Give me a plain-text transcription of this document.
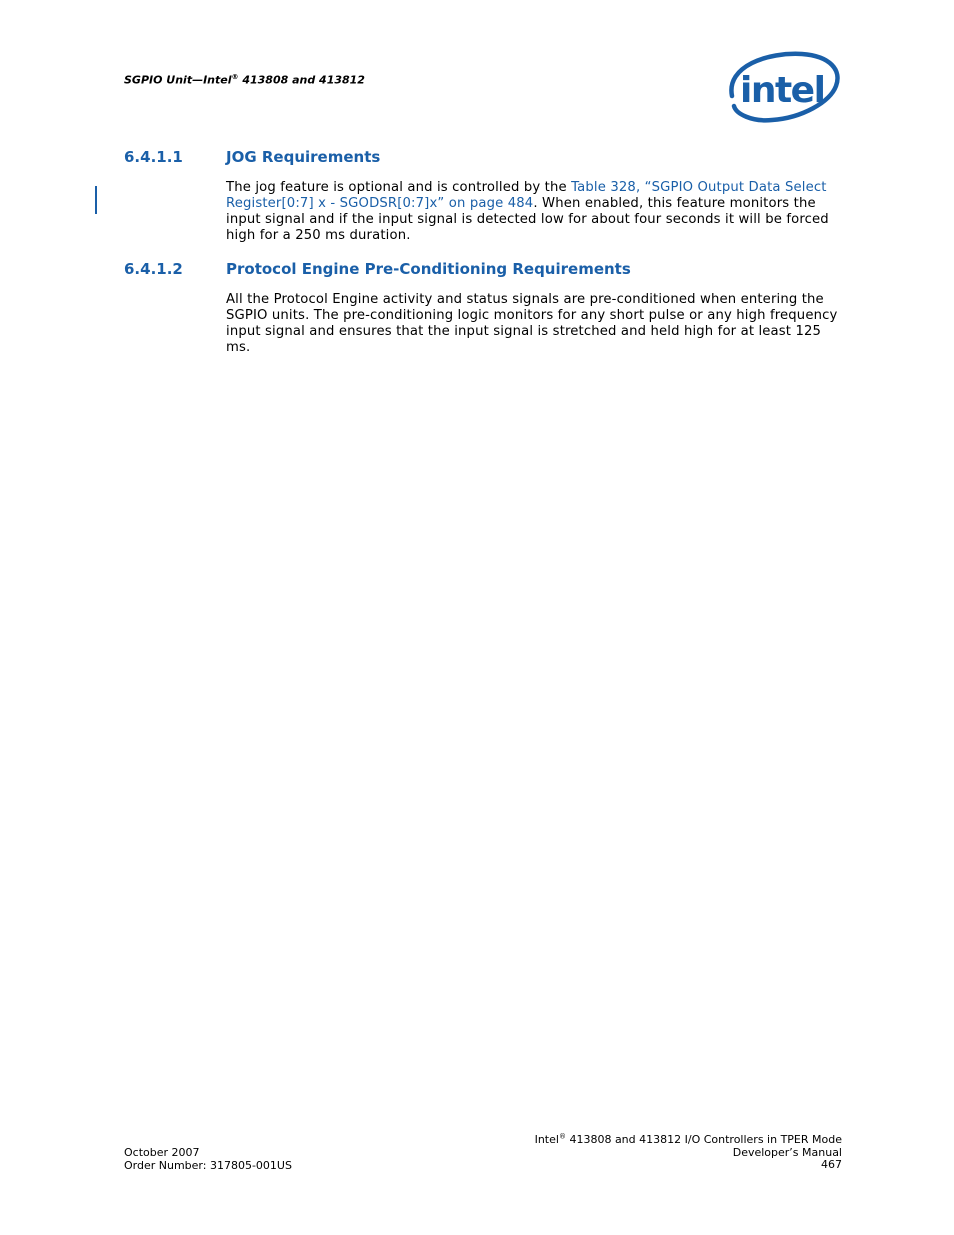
SGPIO Unit—Intel® 413808 and 413812	intel
6.4.1.1	JOG Requirements
The jog feature is optional and is controlled by the Table 328, “SGPIO Output Data Select Register[0:7] x - SGODSR[0:7]x” on page 484. When enabled, this feature monitors the input signal and if the input signal is detected low for about four seconds it will be forced high for a 250 ms duration.
6.4.1.2	Protocol Engine Pre-Conditioning Requirements
All the Protocol Engine activity and status signals are pre-conditioned when entering the SGPIO units. The pre-conditioning logic monitors for any short pulse or any high frequency input signal and ensures that the input signal is stretched and held high for at least 125 ms.
October 2007
Order Number: 317805-001US
Intel® 413808 and 413812 I/O Controllers in TPER Mode
Developer’s Manual
467
